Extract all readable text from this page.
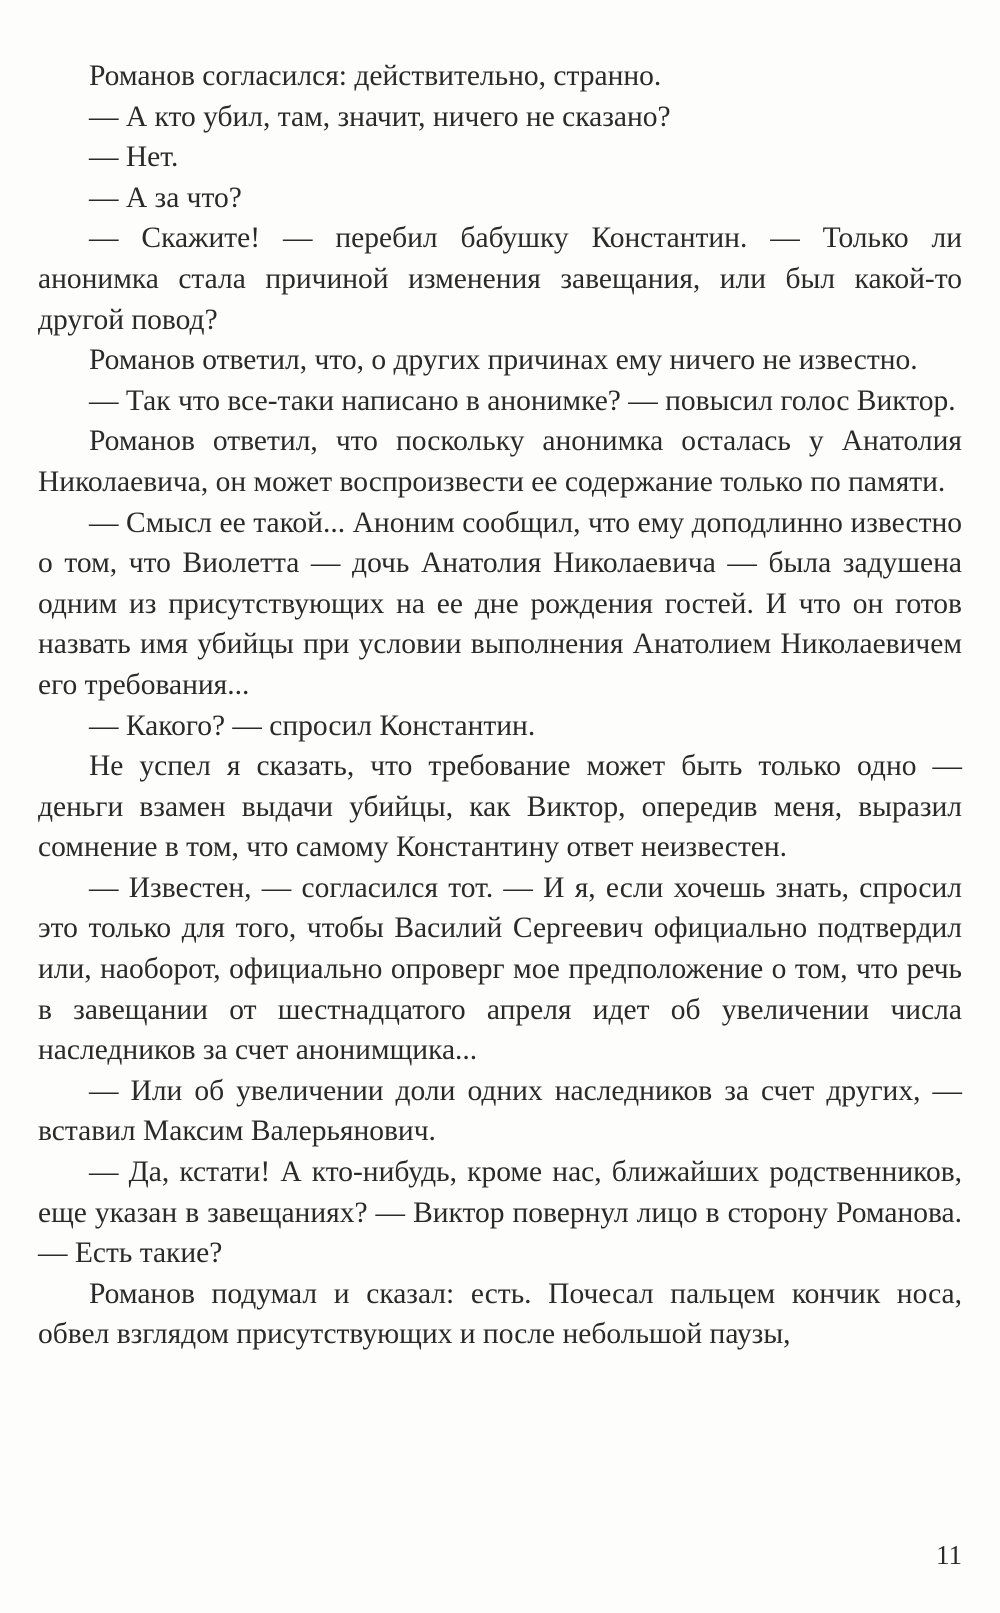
Романов согласился: действительно, странно.

— А кто убил, там, значит, ничего не сказано?

— Нет.

— А за что?

— Скажите! — перебил бабушку Константин. — Только ли анонимка стала причиной изменения завещания, или был какой-то другой повод?

Романов ответил, что, о других причинах ему ничего не известно.

— Так что все-таки написано в анонимке? — повысил голос Виктор.

Романов ответил, что поскольку анонимка осталась у Анатолия Николаевича, он может воспроизвести ее содержание только по памяти.

— Смысл ее такой... Аноним сообщил, что ему доподлинно известно о том, что Виолетта — дочь Анатолия Николаевича — была задушена одним из присутствующих на ее дне рождения гостей. И что он готов назвать имя убийцы при условии выполнения Анатолием Николаевичем его требования...

— Какого? — спросил Константин.

Не успел я сказать, что требование может быть только одно — деньги взамен выдачи убийцы, как Виктор, опередив меня, выразил сомнение в том, что самому Константину ответ неизвестен.

— Известен, — согласился тот. — И я, если хочешь знать, спросил это только для того, чтобы Василий Сергеевич официально подтвердил или, наоборот, официально опроверг мое предположение о том, что речь в завещании от шестнадцатого апреля идет об увеличении числа наследников за счет анонимщика...

— Или об увеличении доли одних наследников за счет других, — вставил Максим Валерьянович.

— Да, кстати! А кто-нибудь, кроме нас, ближайших родственников, еще указан в завещаниях? — Виктор повернул лицо в сторону Романова. — Есть такие?

Романов подумал и сказал: есть. Почесал пальцем кончик носа, обвел взглядом присутствующих и после небольшой паузы,

11
